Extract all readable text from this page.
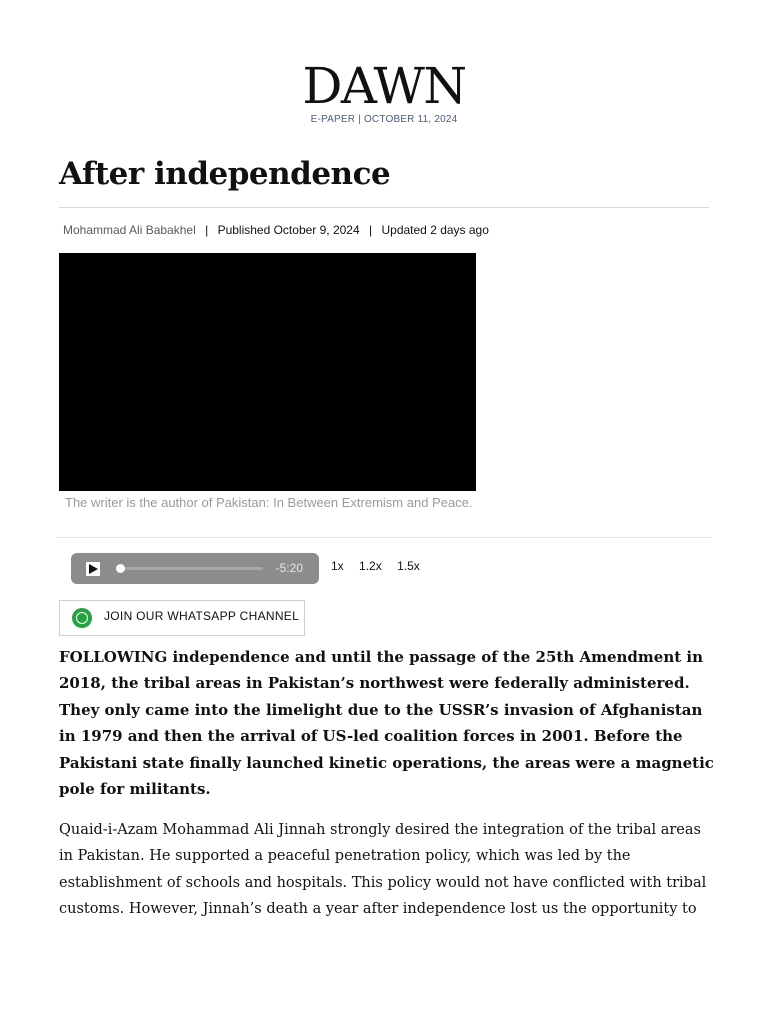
DAWN
E-PAPER | OCTOBER 11, 2024
After independence
Mohammad Ali Babakhel | Published October 9, 2024 | Updated 2 days ago
The writer is the author of Pakistan: In Between Extremism and Peace.
-5:20 1x 1.2x 1.5x
JOIN OUR WHATSAPP CHANNEL

FOLLOWING independence and until the passage of the 25th Amendment in 2018, the tribal areas in Pakistan’s northwest were federally administered. They only came into the limelight due to the USSR’s invasion of Afghanistan in 1979 and then the arrival of US-led coalition forces in 2001. Before the Pakistani state finally launched kinetic operations, the areas were a magnetic pole for militants.

Quaid-i-Azam Mohammad Ali Jinnah strongly desired the integration of the tribal areas in Pakistan. He supported a peaceful penetration policy, which was led by the establishment of schools and hospitals. This policy would not have conflicted with tribal customs. However, Jinnah’s death a year after independence lost us the opportunity to
